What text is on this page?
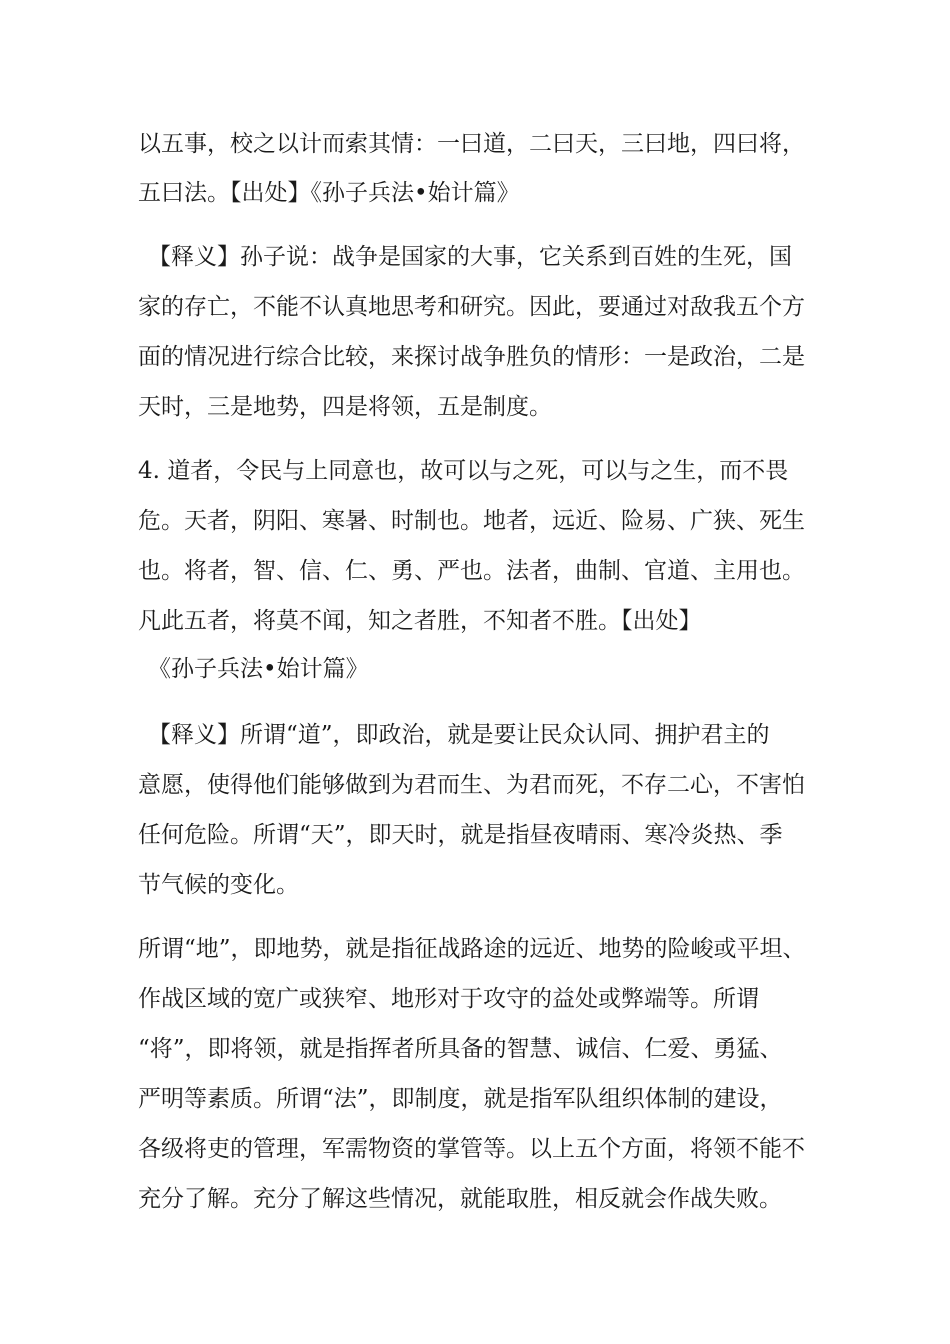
以五事，校之以计而索其情：一曰道，二曰天，三曰地，四曰将，
五曰法。【出处】《孙子兵法•始计篇》
【释义】孙子说：战争是国家的大事，它关系到百姓的生死，国
家的存亡，不能不认真地思考和研究。因此，要通过对敌我五个方
面的情况进行综合比较，来探讨战争胜负的情形：一是政治，二是
天时，三是地势，四是将领，五是制度。
4. 道者，令民与上同意也，故可以与之死，可以与之生，而不畏
危。天者，阴阳、寒暑、时制也。地者，远近、险易、广狭、死生
也。将者，智、信、仁、勇、严也。法者，曲制、官道、主用也。
凡此五者，将莫不闻，知之者胜，不知者不胜。【出处】
《孙子兵法•始计篇》
【释义】所谓“道”，即政治，就是要让民众认同、拥护君主的
意愿，使得他们能够做到为君而生、为君而死，不存二心，不害怕
任何危险。所谓“天”，即天时，就是指昼夜晴雨、寒冷炎热、季
节气候的变化。
所谓“地”，即地势，就是指征战路途的远近、地势的险峻或平坦、
作战区域的宽广或狭窄、地形对于攻守的益处或弊端等。所谓
“将”，即将领，就是指挥者所具备的智慧、诚信、仁爱、勇猛、
严明等素质。所谓“法”，即制度，就是指军队组织体制的建设，
各级将吏的管理，军需物资的掌管等。以上五个方面，将领不能不
充分了解。充分了解这些情况，就能取胜，相反就会作战失败。
